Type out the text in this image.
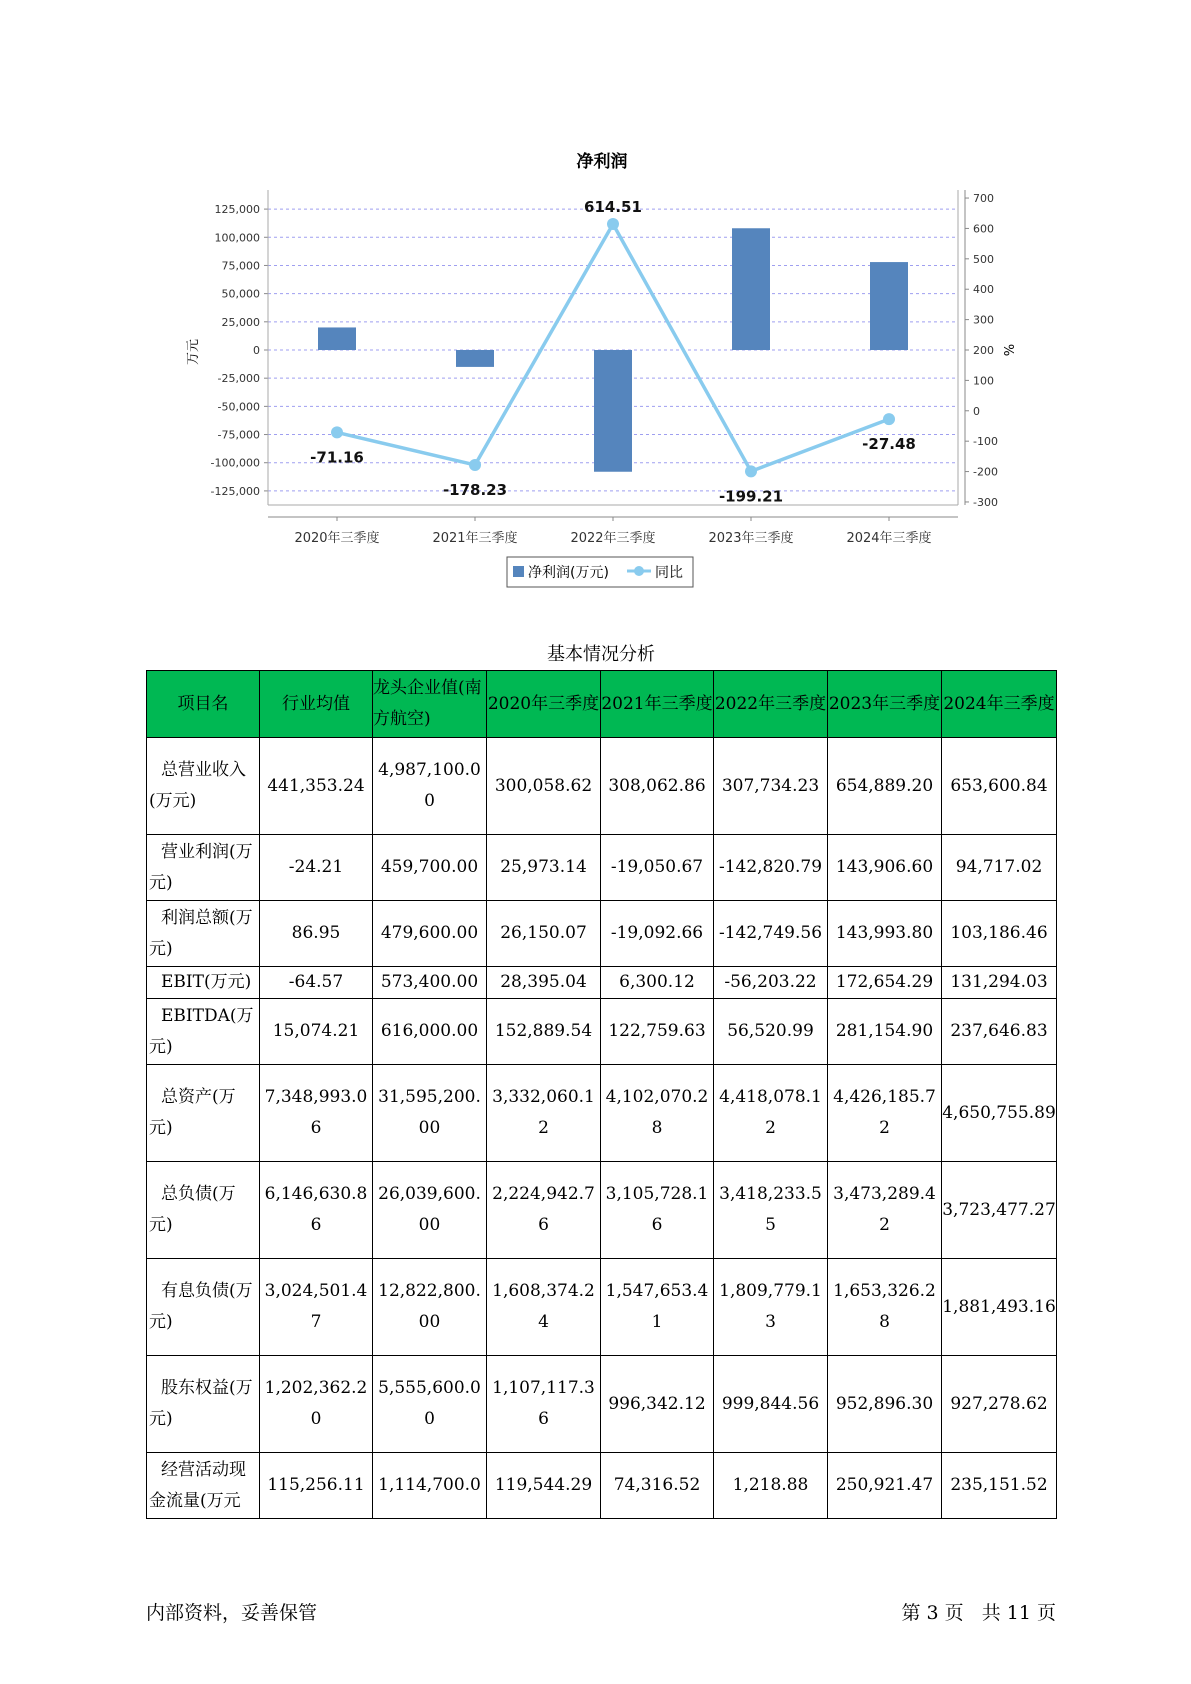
净利润
125,000
100,000
75,000
50,000
25,000
0
-25,000
-50,000
-75,000
-100,000
-125,000
700
600
500
400
300
200
100
0
-100
-200
-300
2020年三季度	2021年三季度	2022年三季度	2023年三季度	2024年三季度
-71.16
-178.23
614.51
-199.21
-27.48
万元	%
净利润(万元)	同比
基本情况分析
项目名	行业均值	龙头企业值(南方航空)	2020年三季度	2021年三季度	2022年三季度	2023年三季度	2024年三季度
总营业收入(万元)	441,353.24	4,987,100.00	300,058.62	308,062.86	307,734.23	654,889.20	653,600.84
营业利润(万元)	-24.21	459,700.00	25,973.14	-19,050.67	-142,820.79	143,906.60	94,717.02
利润总额(万元)	86.95	479,600.00	26,150.07	-19,092.66	-142,749.56	143,993.80	103,186.46
EBIT(万元)	-64.57	573,400.00	28,395.04	6,300.12	-56,203.22	172,654.29	131,294.03
EBITDA(万元)	15,074.21	616,000.00	152,889.54	122,759.63	56,520.99	281,154.90	237,646.83
总资产(万元)	7,348,993.06	31,595,200.00	3,332,060.12	4,102,070.28	4,418,078.12	4,426,185.72	4,650,755.89
总负债(万元)	6,146,630.86	26,039,600.00	2,224,942.76	3,105,728.16	3,418,233.55	3,473,289.42	3,723,477.27
有息负债(万元)	3,024,501.47	12,822,800.00	1,608,374.24	1,547,653.41	1,809,779.13	1,653,326.28	1,881,493.16
股东权益(万元)	1,202,362.20	5,555,600.00	1,107,117.36	996,342.12	999,844.56	952,896.30	927,278.62
经营活动现金流量(万元	115,256.11	1,114,700.0	119,544.29	74,316.52	1,218.88	250,921.47	235,151.52
内部资料，妥善保管	第 3 页   共 11 页
